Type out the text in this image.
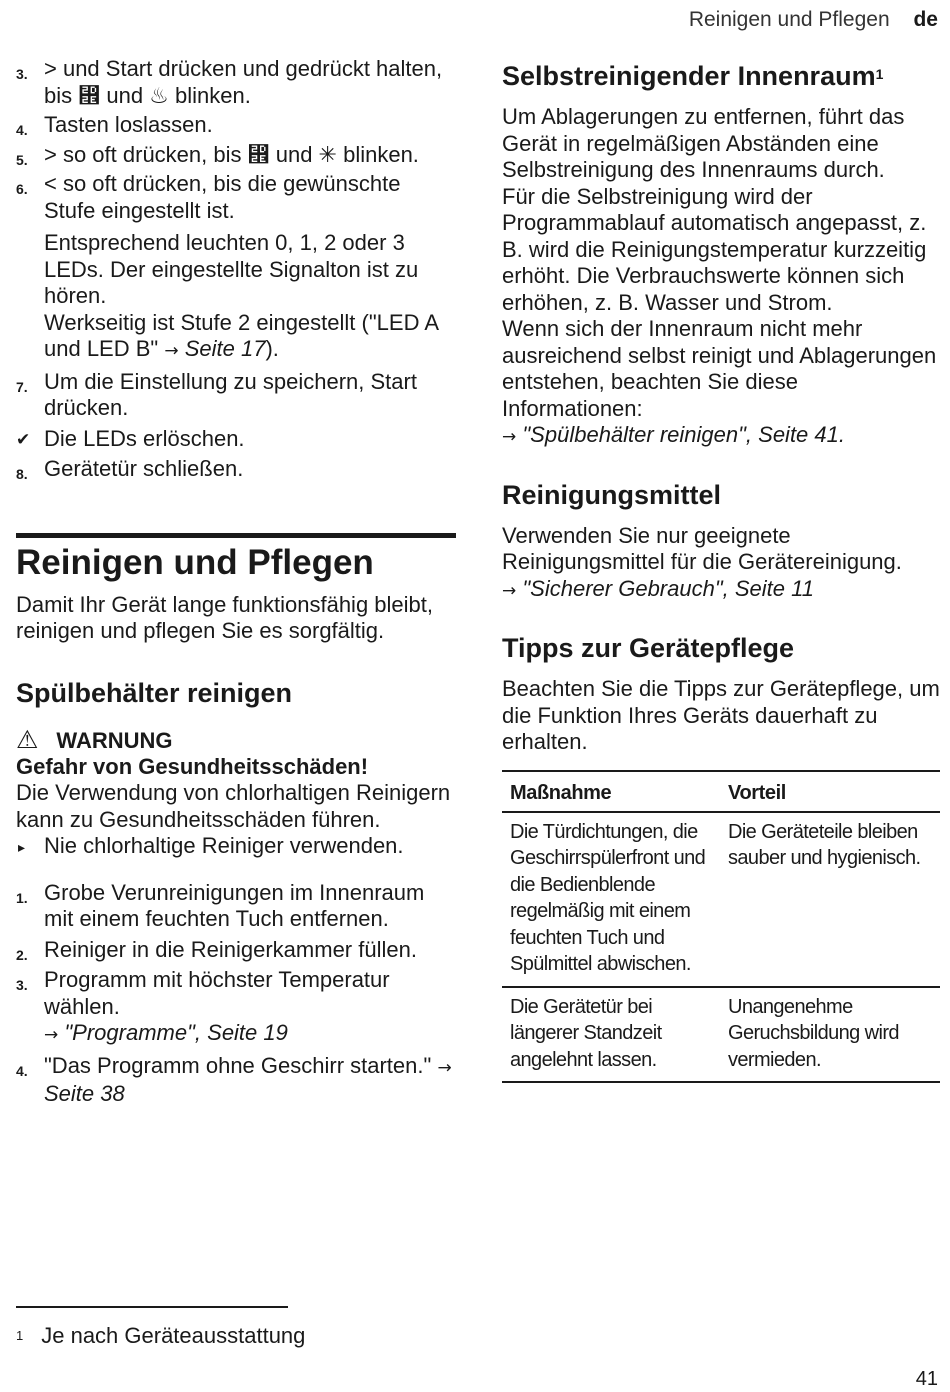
Reinigen und Pflegen de
3. > und Start drücken und gedrückt halten, bis ⴮ und ♨ blinken.
4. Tasten loslassen.
5. > so oft drücken, bis ⴮ und ✳ blinken.
6. < so oft drücken, bis die gewünschte Stufe eingestellt ist.
Entsprechend leuchten 0, 1, 2 oder 3 LEDs. Der eingestellte Signalton ist zu hören.
Werkseitig ist Stufe 2 eingestellt ("LED A und LED B" → Seite 17).
7. Um die Einstellung zu speichern, Start drücken.
✔ Die LEDs erlöschen.
8. Gerätetür schließen.
Reinigen und Pflegen
Damit Ihr Gerät lange funktionsfähig bleibt, reinigen und pflegen Sie es sorgfältig.
Spülbehälter reinigen
⚠ WARNUNG
Gefahr von Gesundheitsschäden!
Die Verwendung von chlorhaltigen Reinigern kann zu Gesundheitsschäden führen.
▸ Nie chlorhaltige Reiniger verwenden.
1. Grobe Verunreinigungen im Innenraum mit einem feuchten Tuch entfernen.
2. Reiniger in die Reinigerkammer füllen.
3. Programm mit höchster Temperatur wählen.
→ "Programme", Seite 19
4. "Das Programm ohne Geschirr starten." → Seite 38
Selbstreinigender Innenraum$^1$
Um Ablagerungen zu entfernen, führt das Gerät in regelmäßigen Abständen eine Selbstreinigung des Innenraums durch.
Für die Selbstreinigung wird der Programmablauf automatisch angepasst, z. B. wird die Reinigungstemperatur kurzzeitig erhöht. Die Verbrauchswerte können sich erhöhen, z. B. Wasser und Strom.
Wenn sich der Innenraum nicht mehr ausreichend selbst reinigt und Ablagerungen entstehen, beachten Sie diese Informationen:
→ "Spülbehälter reinigen", Seite 41.
Reinigungsmittel
Verwenden Sie nur geeignete Reinigungsmittel für die Gerätereinigung.
→ "Sicherer Gebrauch", Seite 11
Tipps zur Gerätepflege
Beachten Sie die Tipps zur Gerätepflege, um die Funktion Ihres Geräts dauerhaft zu erhalten.
Maßnahme	Vorteil
Die Türdichtungen, die Geschirrspülerfront und die Bedienblende regelmäßig mit einem feuchten Tuch und Spülmittel abwischen.	Die Geräteteile bleiben sauber und hygienisch.
Die Gerätetür bei längerer Standzeit angelehnt lassen.	Unangenehme Geruchsbildung wird vermieden.
$^1$ Je nach Geräteausstattung
41
